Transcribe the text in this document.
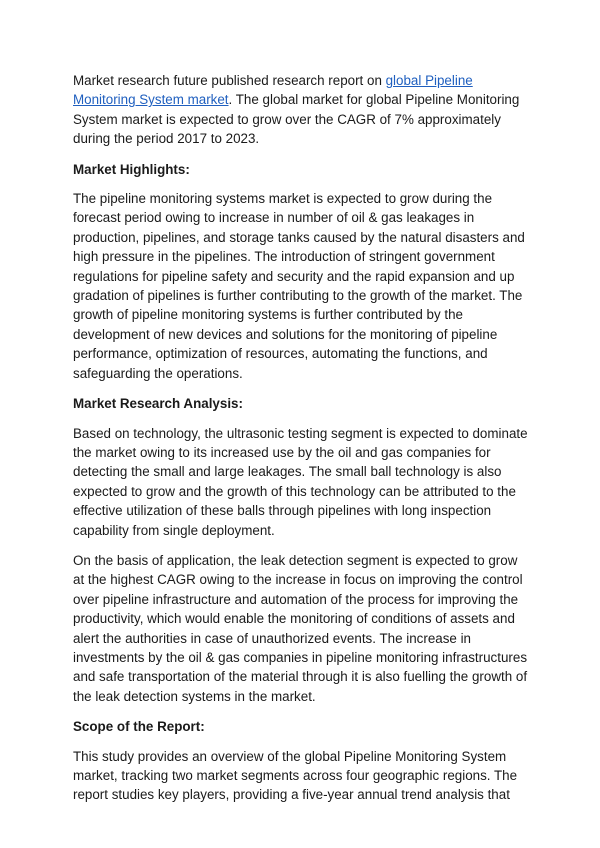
Market research future published research report on global Pipeline Monitoring System market. The global market for global Pipeline Monitoring System market is expected to grow over the CAGR of 7% approximately during the period 2017 to 2023.

Market Highlights:

The pipeline monitoring systems market is expected to grow during the forecast period owing to increase in number of oil & gas leakages in production, pipelines, and storage tanks caused by the natural disasters and high pressure in the pipelines. The introduction of stringent government regulations for pipeline safety and security and the rapid expansion and up gradation of pipelines is further contributing to the growth of the market. The growth of pipeline monitoring systems is further contributed by the development of new devices and solutions for the monitoring of pipeline performance, optimization of resources, automating the functions, and safeguarding the operations.

Market Research Analysis:

Based on technology, the ultrasonic testing segment is expected to dominate the market owing to its increased use by the oil and gas companies for detecting the small and large leakages. The small ball technology is also expected to grow and the growth of this technology can be attributed to the effective utilization of these balls through pipelines with long inspection capability from single deployment.

On the basis of application, the leak detection segment is expected to grow at the highest CAGR owing to the increase in focus on improving the control over pipeline infrastructure and automation of the process for improving the productivity, which would enable the monitoring of conditions of assets and alert the authorities in case of unauthorized events. The increase in investments by the oil & gas companies in pipeline monitoring infrastructures and safe transportation of the material through it is also fuelling the growth of the leak detection systems in the market.

Scope of the Report:

This study provides an overview of the global Pipeline Monitoring System market, tracking two market segments across four geographic regions. The report studies key players, providing a five-year annual trend analysis that
